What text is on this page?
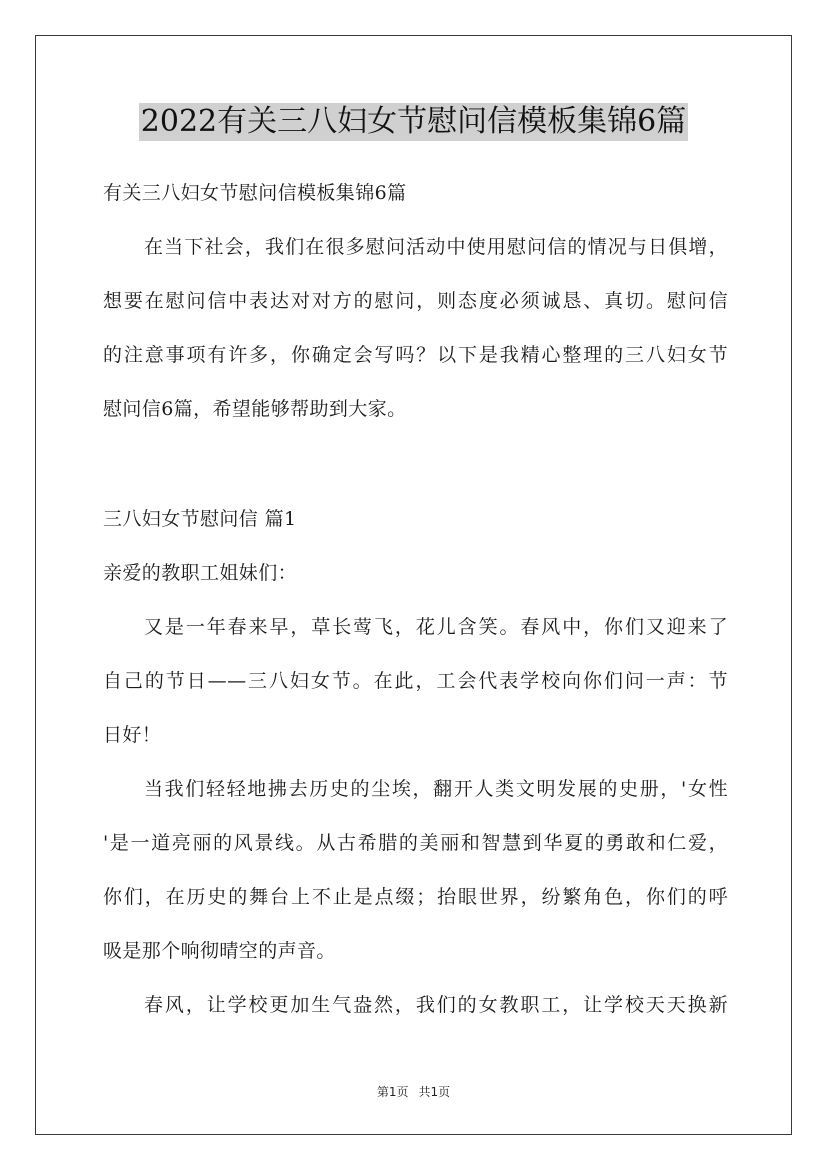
2022有关三八妇女节慰问信模板集锦6篇
有关三八妇女节慰问信模板集锦6篇
在当下社会，我们在很多慰问活动中使用慰问信的情况与日俱增，
想要在慰问信中表达对对方的慰问，则态度必须诚恳、真切。慰问信
的注意事项有许多，你确定会写吗？以下是我精心整理的三八妇女节
慰问信6篇，希望能够帮助到大家。
三八妇女节慰问信 篇1
亲爱的教职工姐妹们：
又是一年春来早，草长莺飞，花儿含笑。春风中，你们又迎来了
自己的节日——三八妇女节。在此，工会代表学校向你们问一声：节
日好！
当我们轻轻地拂去历史的尘埃，翻开人类文明发展的史册，'女性
'是一道亮丽的风景线。从古希腊的美丽和智慧到华夏的勇敢和仁爱，
你们，在历史的舞台上不止是点缀；抬眼世界，纷繁角色，你们的呼
吸是那个响彻晴空的声音。
春风，让学校更加生气盎然，我们的女教职工，让学校天天换新
第1页 共1页
